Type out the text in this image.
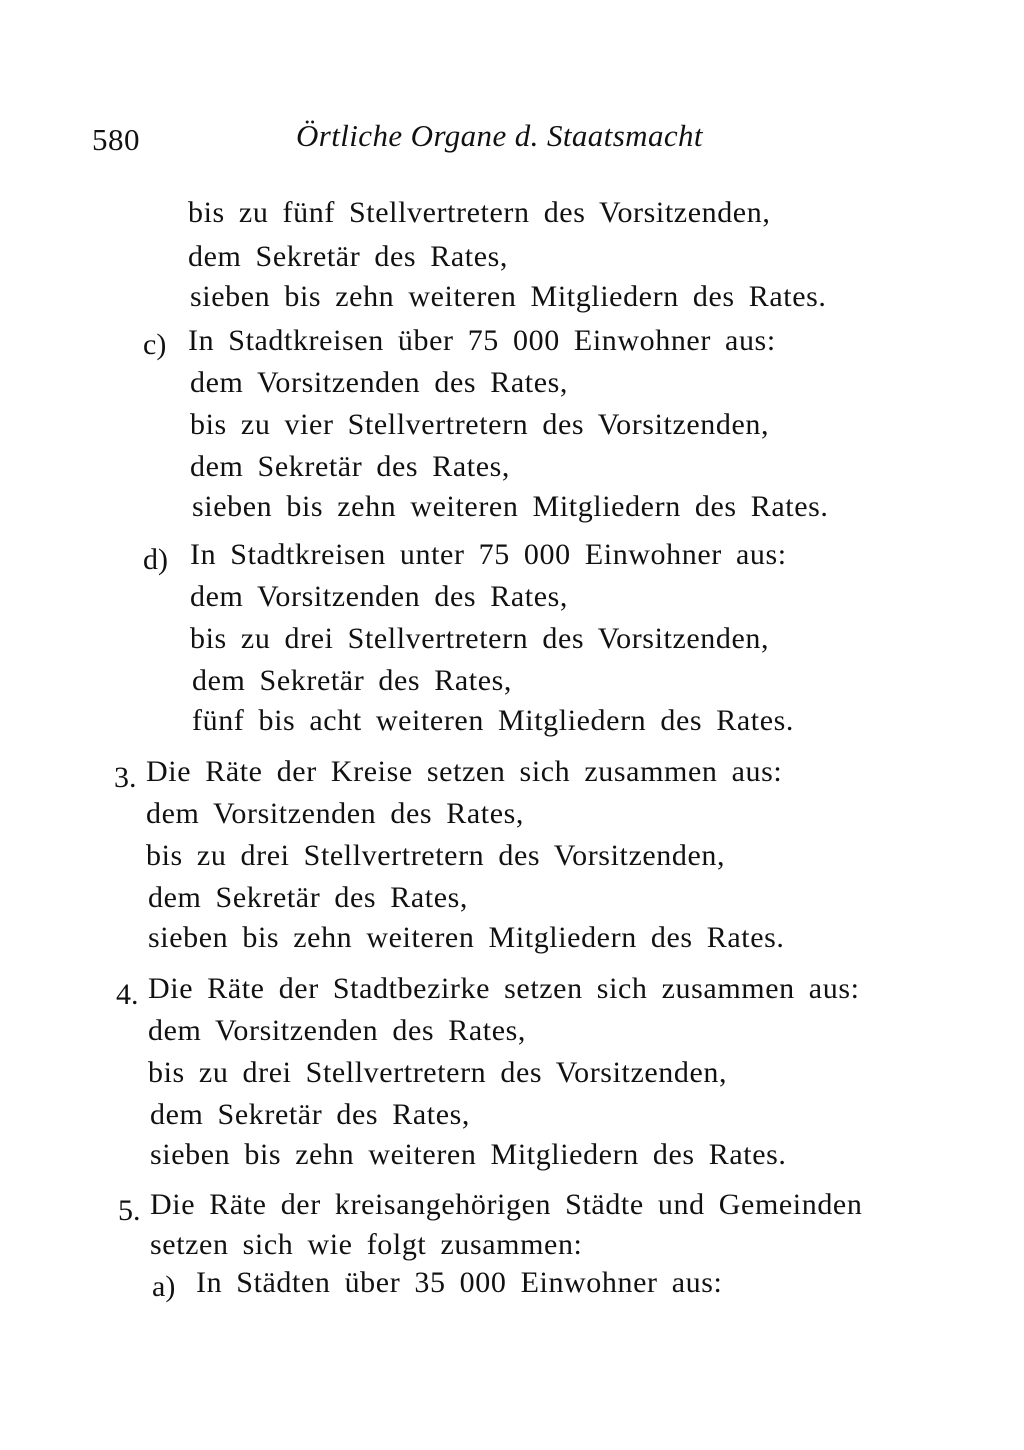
580	Örtliche Organe d. Staatsmacht
bis zu fünf Stellvertretern des Vorsitzenden,
dem Sekretär des Rates,
sieben bis zehn weiteren Mitgliedern des Rates.
c) In Stadtkreisen über 75 000 Einwohner aus:
dem Vorsitzenden des Rates,
bis zu vier Stellvertretern des Vorsitzenden,
dem Sekretär des Rates,
sieben bis zehn weiteren Mitgliedern des Rates.
d) In Stadtkreisen unter 75 000 Einwohner aus:
dem Vorsitzenden des Rates,
bis zu drei Stellvertretern des Vorsitzenden,
dem Sekretär des Rates,
fünf bis acht weiteren Mitgliedern des Rates.
3. Die Räte der Kreise setzen sich zusammen aus:
dem Vorsitzenden des Rates,
bis zu drei Stellvertretern des Vorsitzenden,
dem Sekretär des Rates,
sieben bis zehn weiteren Mitgliedern des Rates.
4. Die Räte der Stadtbezirke setzen sich zusammen aus:
dem Vorsitzenden des Rates,
bis zu drei Stellvertretern des Vorsitzenden,
dem Sekretär des Rates,
sieben bis zehn weiteren Mitgliedern des Rates.
5. Die Räte der kreisangehörigen Städte und Gemeinden
setzen sich wie folgt zusammen:
a) In Städten über 35 000 Einwohner aus:
